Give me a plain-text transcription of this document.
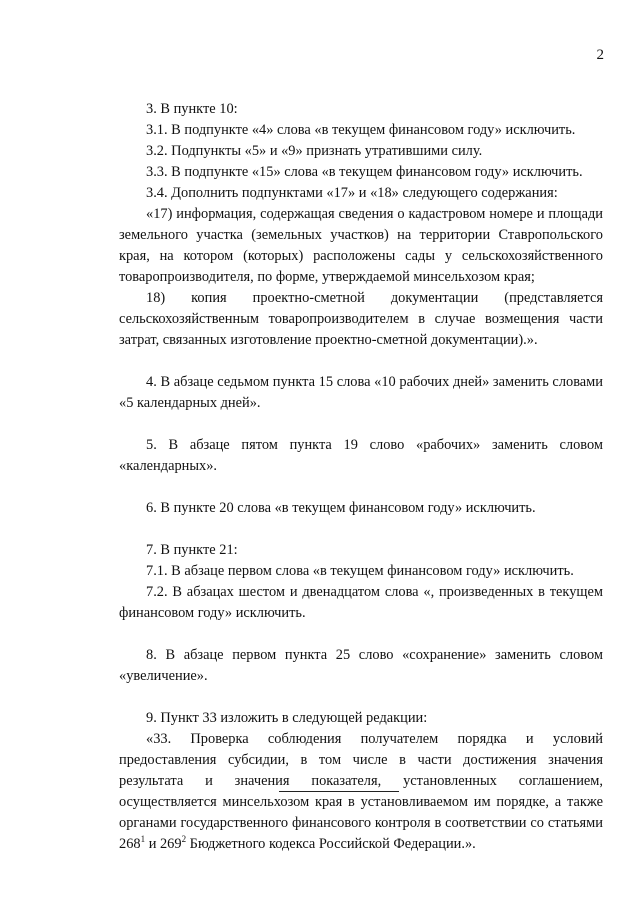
2

3. В пункте 10:

3.1. В подпункте «4» слова «в текущем финансовом году» исключить.

3.2. Подпункты «5» и «9» признать утратившими силу.

3.3. В подпункте «15» слова «в текущем финансовом году» исключить.

3.4. Дополнить подпунктами «17» и «18» следующего содержания:

«17) информация, содержащая сведения о кадастровом номере и площади земельного участка (земельных участков) на территории Ставропольского края, на котором (которых) расположены сады у сельскохозяйственного товаропроизводителя, по форме, утверждаемой минсельхозом края;

18) копия проектно-сметной документации (представляется сельскохозяйственным товаропроизводителем в случае возмещения части затрат, связанных изготовление проектно-сметной документации).».

4. В абзаце седьмом пункта 15 слова «10 рабочих дней» заменить словами «5 календарных дней».

5. В абзаце пятом пункта 19 слово «рабочих» заменить словом «календарных».

6. В пункте 20 слова «в текущем финансовом году» исключить.

7. В пункте 21:

7.1. В абзаце первом слова «в текущем финансовом году» исключить.

7.2. В абзацах шестом и двенадцатом слова «, произведенных в текущем финансовом году» исключить.

8. В абзаце первом пункта 25 слово «сохранение» заменить словом «увеличение».

9. Пункт 33 изложить в следующей редакции:

«33. Проверка соблюдения получателем порядка и условий предоставления субсидии, в том числе в части достижения значения результата и значения показателя, установленных соглашением, осуществляется минсельхозом края в установливаемом им порядке, а также органами государственного финансового контроля в соответствии со статьями $268^1$ и $269^2$ Бюджетного кодекса Российской Федерации.».
